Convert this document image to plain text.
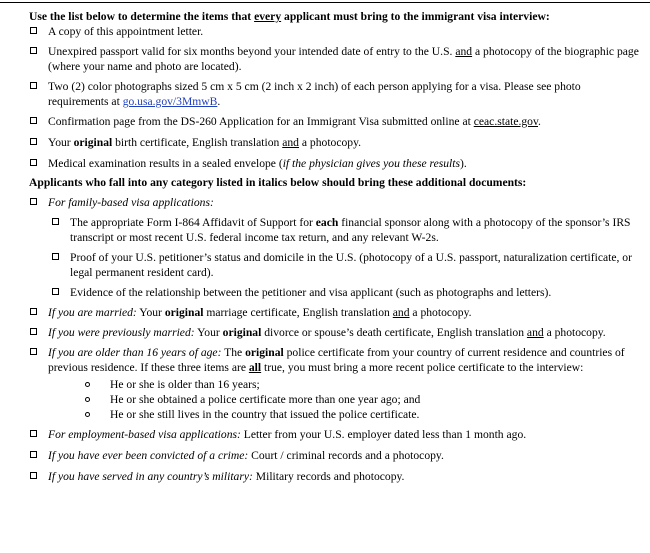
Use the list below to determine the items that every applicant must bring to the immigrant visa interview:
A copy of this appointment letter.
Unexpired passport valid for six months beyond your intended date of entry to the U.S. and a photocopy of the biographic page (where your name and photo are located).
Two (2) color photographs sized 5 cm x 5 cm (2 inch x 2 inch) of each person applying for a visa. Please see photo requirements at go.usa.gov/3MmwB.
Confirmation page from the DS-260 Application for an Immigrant Visa submitted online at ceac.state.gov.
Your original birth certificate, English translation and a photocopy.
Medical examination results in a sealed envelope (if the physician gives you these results).
Applicants who fall into any category listed in italics below should bring these additional documents:
For family-based visa applications:
The appropriate Form I-864 Affidavit of Support for each financial sponsor along with a photocopy of the sponsor’s IRS transcript or most recent U.S. federal income tax return, and any relevant W-2s.
Proof of your U.S. petitioner’s status and domicile in the U.S. (photocopy of a U.S. passport, naturalization certificate, or legal permanent resident card).
Evidence of the relationship between the petitioner and visa applicant (such as photographs and letters).
If you are married: Your original marriage certificate, English translation and a photocopy.
If you were previously married: Your original divorce or spouse’s death certificate, English translation and a photocopy.
If you are older than 16 years of age: The original police certificate from your country of current residence and countries of previous residence. If these three items are all true, you must bring a more recent police certificate to the interview:
He or she is older than 16 years;
He or she obtained a police certificate more than one year ago; and
He or she still lives in the country that issued the police certificate.
For employment-based visa applications: Letter from your U.S. employer dated less than 1 month ago.
If you have ever been convicted of a crime: Court / criminal records and a photocopy.
If you have served in any country’s military: Military records and photocopy.
